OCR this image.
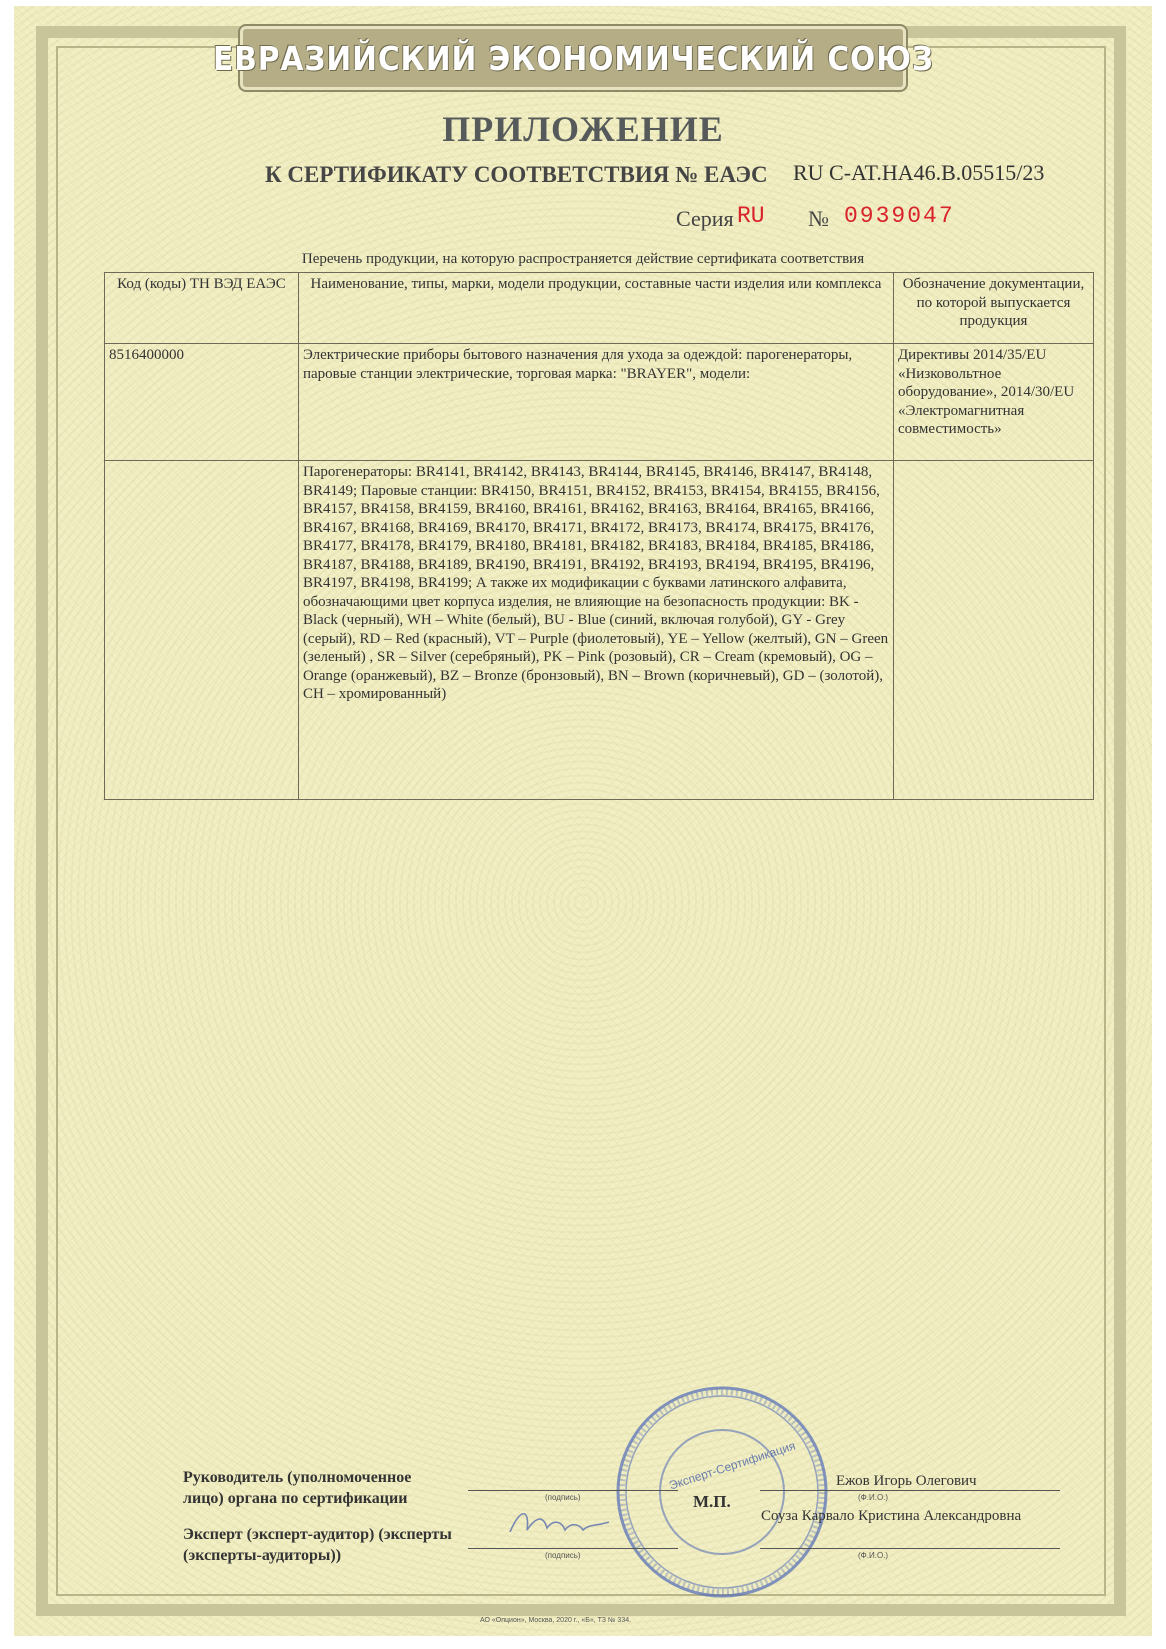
ЕВРАЗИЙСКИЙ ЭКОНОМИЧЕСКИЙ СОЮЗ
ПРИЛОЖЕНИЕ
К СЕРТИФИКАТУ СООТВЕТСТВИЯ № ЕАЭС RU С-AT.HA46.B.05515/23
Серия RU № 0939047
Перечень продукции, на которую распространяется действие сертификата соответствия
Код (коды) ТН ВЭД ЕАЭС	Наименование, типы, марки, модели продукции, составные части изделия или комплекса	Обозначение документации, по которой выпускается продукция
8516400000	Электрические приборы бытового назначения для ухода за одеждой: парогенераторы, паровые станции электрические, торговая марка: "BRAYER", модели:	Директивы 2014/35/EU «Низковольтное оборудование», 2014/30/EU «Электромагнитная совместимость»
	Парогенераторы: BR4141, BR4142, BR4143, BR4144, BR4145, BR4146, BR4147, BR4148, BR4149; Паровые станции: BR4150, BR4151, BR4152, BR4153, BR4154, BR4155, BR4156, BR4157, BR4158, BR4159, BR4160, BR4161, BR4162, BR4163, BR4164, BR4165, BR4166, BR4167, BR4168, BR4169, BR4170, BR4171, BR4172, BR4173, BR4174, BR4175, BR4176, BR4177, BR4178, BR4179, BR4180, BR4181, BR4182, BR4183, BR4184, BR4185, BR4186, BR4187, BR4188, BR4189, BR4190, BR4191, BR4192, BR4193, BR4194, BR4195, BR4196, BR4197, BR4198, BR4199; А также их модификации с буквами латинского алфавита, обозначающими цвет корпуса изделия, не влияющие на безопасность продукции: BK - Black (черный), WH – White (белый), BU - Blue (синий, включая голубой), GY - Grey (серый), RD – Red (красный), VT – Purple (фиолетовый), YE – Yellow (желтый), GN – Green (зеленый) , SR – Silver (серебряный), PK – Pink (розовый), CR – Cream (кремовый), OG – Orange (оранжевый), BZ – Bronze (бронзовый), BN – Brown (коричневый), GD – (золотой), CH – хромированный)	
Эксперт-Сертификация
Руководитель (уполномоченное лицо) органа по сертификации	(подпись)	М.П.
Ежов Игорь Олегович
(Ф.И.О.)
Эксперт (эксперт-аудитор) (эксперты (эксперты-аудиторы))
Соуза Карвало Кристина Александровна
(подпись)	(Ф.И.О.)
АО «Опцион», Москва, 2020 г., «Б», ТЗ № 334.
